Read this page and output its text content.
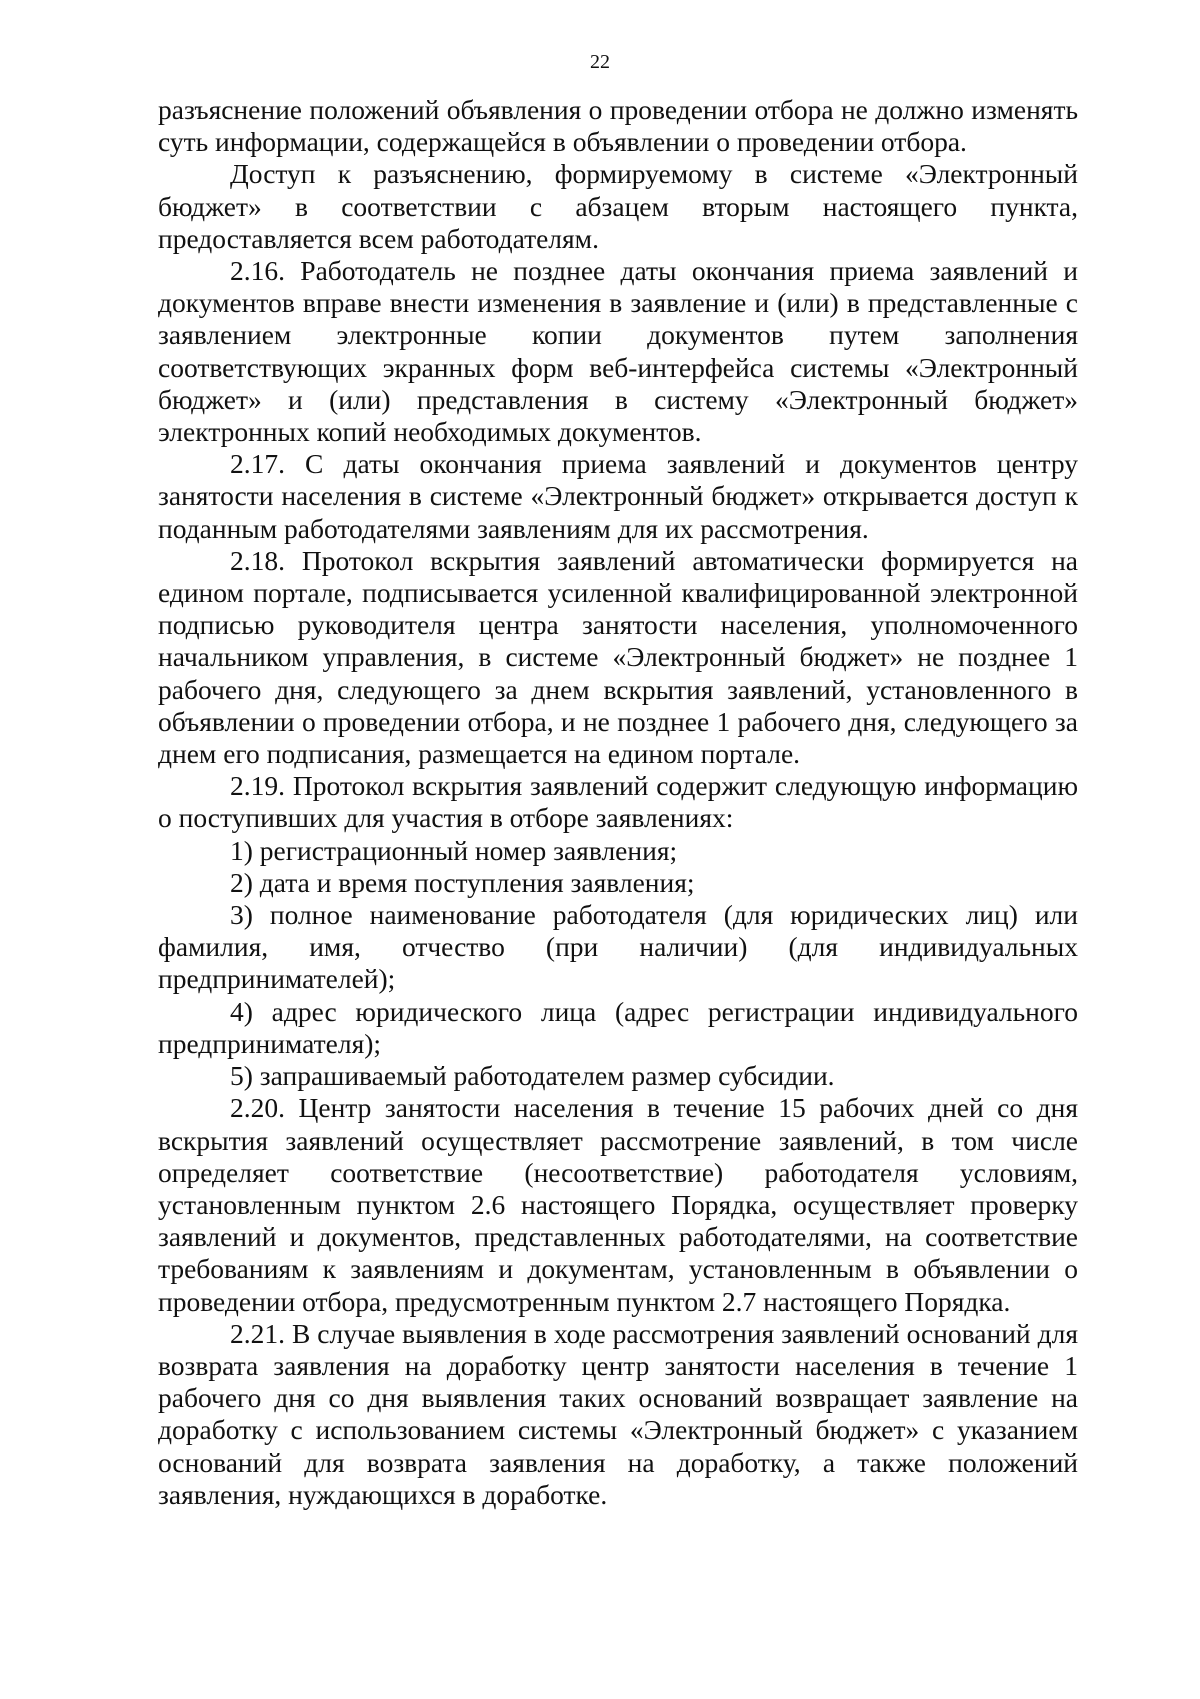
22

разъяснение положений объявления о проведении отбора не должно изменять суть информации, содержащейся в объявлении о проведении отбора.

Доступ к разъяснению, формируемому в системе «Электронный бюджет» в соответствии с абзацем вторым настоящего пункта, предоставляется всем работодателям.

2.16. Работодатель не позднее даты окончания приема заявлений и документов вправе внести изменения в заявление и (или) в представленные с заявлением электронные копии документов путем заполнения соответствующих экранных форм веб-интерфейса системы «Электронный бюджет» и (или) представления в систему «Электронный бюджет» электронных копий необходимых документов.

2.17. С даты окончания приема заявлений и документов центру занятости населения в системе «Электронный бюджет» открывается доступ к поданным работодателями заявлениям для их рассмотрения.

2.18. Протокол вскрытия заявлений автоматически формируется на едином портале, подписывается усиленной квалифицированной электронной подписью руководителя центра занятости населения, уполномоченного начальником управления, в системе «Электронный бюджет» не позднее 1 рабочего дня, следующего за днем вскрытия заявлений, установленного в объявлении о проведении отбора, и не позднее 1 рабочего дня, следующего за днем его подписания, размещается на едином портале.

2.19. Протокол вскрытия заявлений содержит следующую информацию о поступивших для участия в отборе заявлениях:

1) регистрационный номер заявления;

2) дата и время поступления заявления;

3) полное наименование работодателя (для юридических лиц) или фамилия, имя, отчество (при наличии) (для индивидуальных предпринимателей);

4) адрес юридического лица (адрес регистрации индивидуального предпринимателя);

5) запрашиваемый работодателем размер субсидии.

2.20. Центр занятости населения в течение 15 рабочих дней со дня вскрытия заявлений осуществляет рассмотрение заявлений, в том числе определяет соответствие (несоответствие) работодателя условиям, установленным пунктом 2.6 настоящего Порядка, осуществляет проверку заявлений и документов, представленных работодателями, на соответствие требованиям к заявлениям и документам, установленным в объявлении о проведении отбора, предусмотренным пунктом 2.7 настоящего Порядка.

2.21. В случае выявления в ходе рассмотрения заявлений оснований для возврата заявления на доработку центр занятости населения в течение 1 рабочего дня со дня выявления таких оснований возвращает заявление на доработку с использованием системы «Электронный бюджет» с указанием оснований для возврата заявления на доработку, а также положений заявления, нуждающихся в доработке.
